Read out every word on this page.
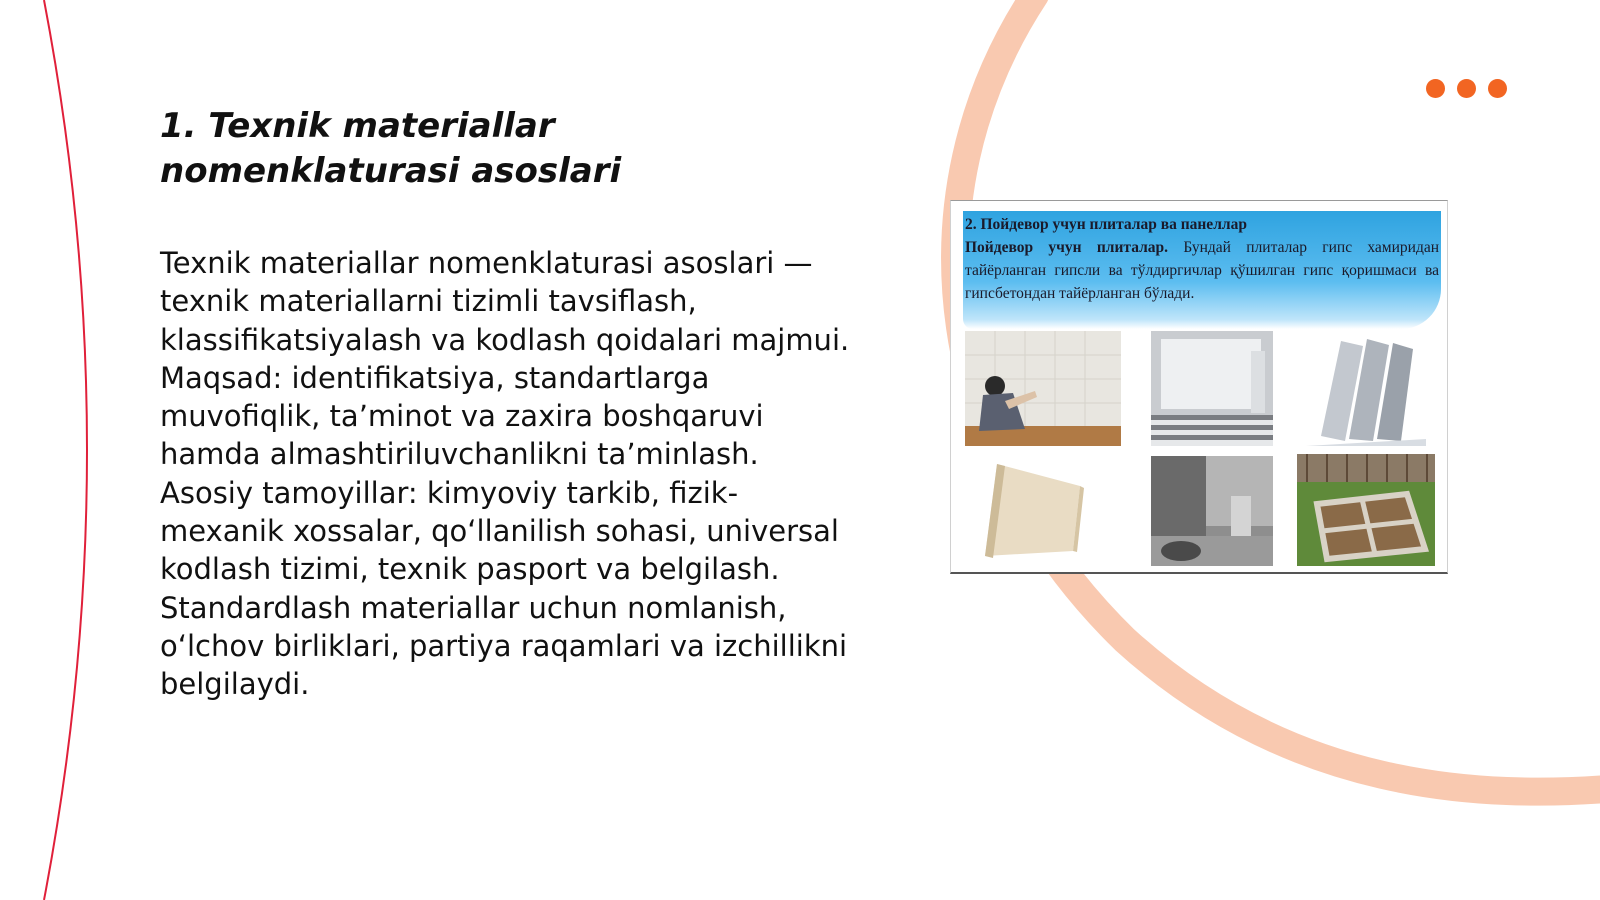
1. Texnik materiallar nomenklaturasi asoslari

Texnik materiallar nomenklaturasi asoslari — texnik materiallarni tizimli tavsiflash, klassifikatsiyalash va kodlash qoidalari majmui. Maqsad: identifikatsiya, standartlarga muvofiqlik, ta’minot va zaxira boshqaruvi hamda almashtiriluvchanlikni ta’minlash. Asosiy tamoyillar: kimyoviy tarkib, fizik-mexanik xossalar, qo‘llanilish sohasi, universal kodlash tizimi, texnik pasport va belgilash. Standardlash materiallar uchun nomlanish, o‘lchov birliklari, partiya raqamlari va izchillikni belgilaydi.

2. Пойдевор учун плиталар ва панеллар
Пойдевор учун плиталар. Бундай плиталар гипс хамиридан тайёрланган гипсли ва тўлдиргичлар қўшилган гипс қоришмаси ва гипсбетондан тайёрланган бўлади.
